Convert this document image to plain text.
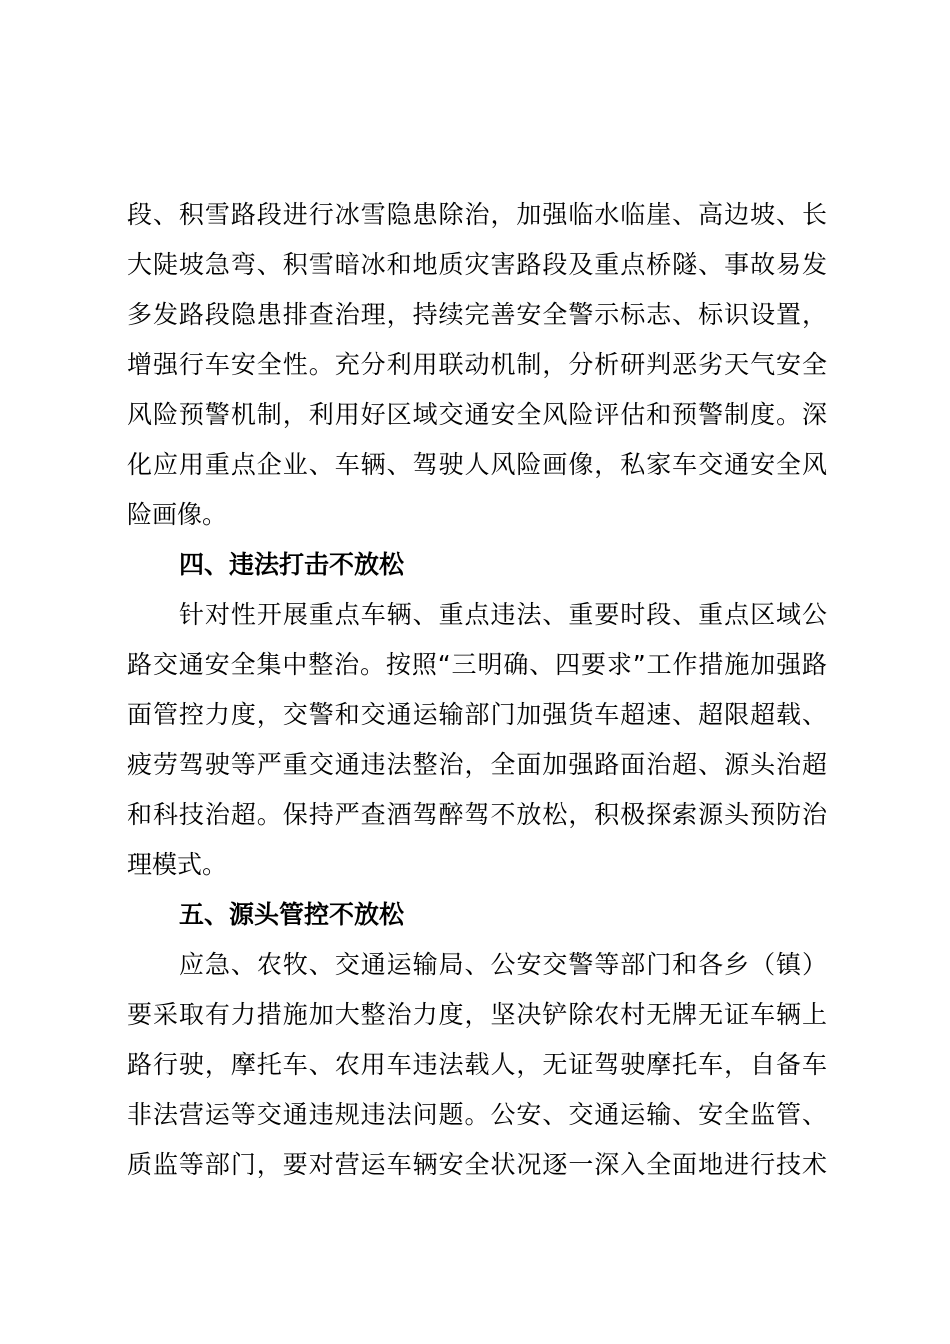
段、积雪路段进行冰雪隐患除治，加强临水临崖、高边坡、长
大陡坡急弯、积雪暗冰和地质灾害路段及重点桥隧、事故易发
多发路段隐患排查治理，持续完善安全警示标志、标识设置，
增强行车安全性。充分利用联动机制，分析研判恶劣天气安全
风险预警机制，利用好区域交通安全风险评估和预警制度。深
化应用重点企业、车辆、驾驶人风险画像，私家车交通安全风
险画像。
四、违法打击不放松
针对性开展重点车辆、重点违法、重要时段、重点区域公
路交通安全集中整治。按照“三明确、四要求”工作措施加强路
面管控力度，交警和交通运输部门加强货车超速、超限超载、
疲劳驾驶等严重交通违法整治，全面加强路面治超、源头治超
和科技治超。保持严查酒驾醉驾不放松，积极探索源头预防治
理模式。
五、源头管控不放松
应急、农牧、交通运输局、公安交警等部门和各乡（镇）
要采取有力措施加大整治力度，坚决铲除农村无牌无证车辆上
路行驶，摩托车、农用车违法载人，无证驾驶摩托车，自备车
非法营运等交通违规违法问题。公安、交通运输、安全监管、
质监等部门，要对营运车辆安全状况逐一深入全面地进行技术
